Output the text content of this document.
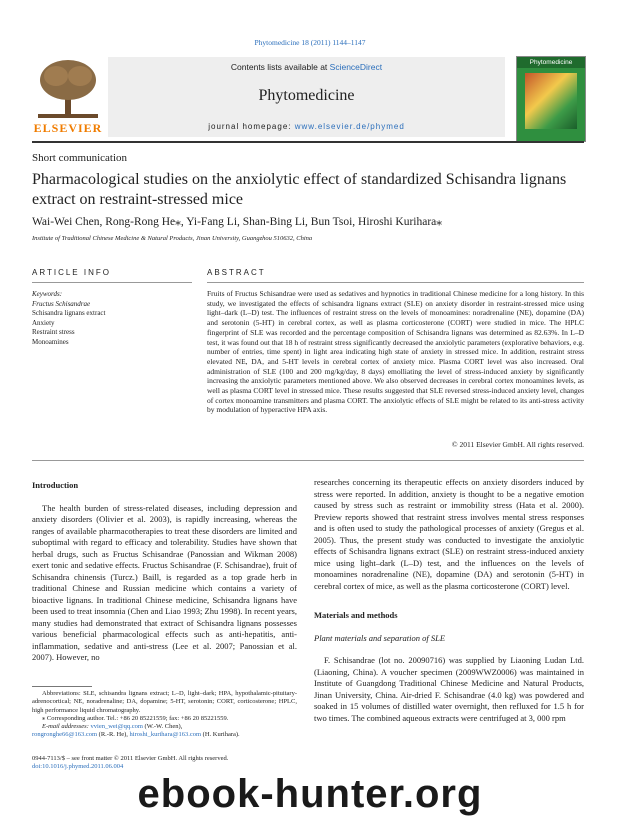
Phytomedicine 18 (2011) 1144–1147
ELSEVIER
Contents lists available at ScienceDirect
Phytomedicine
journal homepage: www.elsevier.de/phymed
Phytomedicine
Short communication
Pharmacological studies on the anxiolytic effect of standardized Schisandra lignans extract on restraint-stressed mice
Wai-Wei Chen, Rong-Rong He⁎, Yi-Fang Li, Shan-Bing Li, Bun Tsoi, Hiroshi Kurihara⁎
Institute of Traditional Chinese Medicine & Natural Products, Jinan University, Guangzhou 510632, China
ARTICLE INFO	ABSTRACT
Keywords:
Fructus Schisandrae
Schisandra lignans extract
Anxiety
Restraint stress
Monoamines
Fruits of Fructus Schisandrae were used as sedatives and hypnotics in traditional Chinese medicine for a long history. In this study, we investigated the effects of schisandra lignans extract (SLE) on anxiety disorder in restraint-stressed mice using light–dark (L–D) test. The influences of restraint stress on the levels of monoamines: noradrenaline (NE), dopamine (DA) and serotonin (5-HT) in cerebral cortex, as well as plasma corticosterone (CORT) were studied in mice. The HPLC fingerprint of SLE was recorded and the percentage composition of Schisandra lignans was determined as 82.63%. In L–D test, it was found out that 18 h of restraint stress significantly decreased the anxiolytic parameters (explorative behaviors, e.g. number of entries, time spent) in light area indicating high state of anxiety in stressed mice. In addition, restraint stress elevated NE, DA, and 5-HT levels in cerebral cortex of anxiety mice. Plasma CORT level was also increased. Oral administration of SLE (100 and 200 mg/kg/day, 8 days) emolliating the level of stress-induced anxiety by significantly increasing the anxiolytic parameters mentioned above. We also observed decreases in cerebral cortex monoamines levels, as well as plasma CORT level in stressed mice. These results suggested that SLE reversed stress-induced anxiety level, changes of cortex monoamine transmitters and plasma CORT. The anxiolytic effects of SLE might be related to its anti-stress activity by modulation of hyperactive HPA axis.
© 2011 Elsevier GmbH. All rights reserved.
Introduction

The health burden of stress-related diseases, including depression and anxiety disorders (Olivier et al. 2003), is rapidly increasing, whereas the ranges of available pharmacotherapies to treat these disorders are limited and suboptimal with regard to efficacy and tolerability. Studies have shown that herbal drugs, such as Fructus Schisandrae (Panossian and Wikman 2008) exert tonic and sedative effects. Fructus Schisandrae (F. Schisandrae), fruit of Schisandra chinensis (Turcz.) Baill, is regarded as a top grade herb in traditional Chinese and Russian medicine which contains a variety of bioactive lignans. In traditional Chinese medicine, Schisandra lignans have been used to treat insomnia (Chen and Liao 1993; Zhu 1998). In recent years, many studies had demonstrated that extract of Schisandra lignans possesses various beneficial pharmacological effects such as anti-hepatitis, anti-inflammation, sedative and anti-stress (Lee et al. 2007; Panossian et al. 2007). However, no

researches concerning its therapeutic effects on anxiety disorders induced by stress were reported. In addition, anxiety is thought to be a negative emotion caused by stress such as restraint or immobility stress (Hata et al. 2000). Preview reports showed that restraint stress involves mental stress responses and is often used to study the pathological processes of anxiety (Gregus et al. 2005). Thus, the present study was conducted to investigate the anxiolytic effects of Schisandra lignans extract (SLE) on restraint stress-induced anxiety mice using light–dark (L–D) test, and the influences on the levels of monoamines noradrenaline (NE), dopamine (DA) and serotonin (5-HT) in cerebral cortex of mice, as well as the plasma corticosterone (CORT) level.

Materials and methods
Plant materials and separation of SLE

F. Schisandrae (lot no. 20090716) was supplied by Liaoning Ludan Ltd. (Liaoning, China). A voucher specimen (2009WWZ0006) was maintained in Institute of Guangdong Traditional Chinese Medicine and Natural Products, Jinan University, China. Air-dried F. Schisandrae (4.0 kg) was powdered and soaked in 15 volumes of distilled water overnight, then refluxed for 1.5 h for two times. The combined aqueous extracts were centrifuged at 3, 000 rpm

Abbreviations: SLE, schisandra lignans extract; L–D, light–dark; HPA, hypothalamic-pituitary-adrenocortical; NE, noradrenaline; DA, dopamine; 5-HT, serotonin; CORT, corticosterone; HPLC, high performance liquid chromatography.
⁎ Corresponding author. Tel.: +86 20 85221559; fax: +86 20 85221559.
E-mail addresses: vvien_wei@qq.com (W.-W. Chen),
rongronghe66@163.com (R.-R. He), hiroshi_kurihara@163.com (H. Kurihara).
0944-7113/$ – see front matter © 2011 Elsevier GmbH. All rights reserved.
doi:10.1016/j.phymed.2011.06.004
ebook-hunter.org
